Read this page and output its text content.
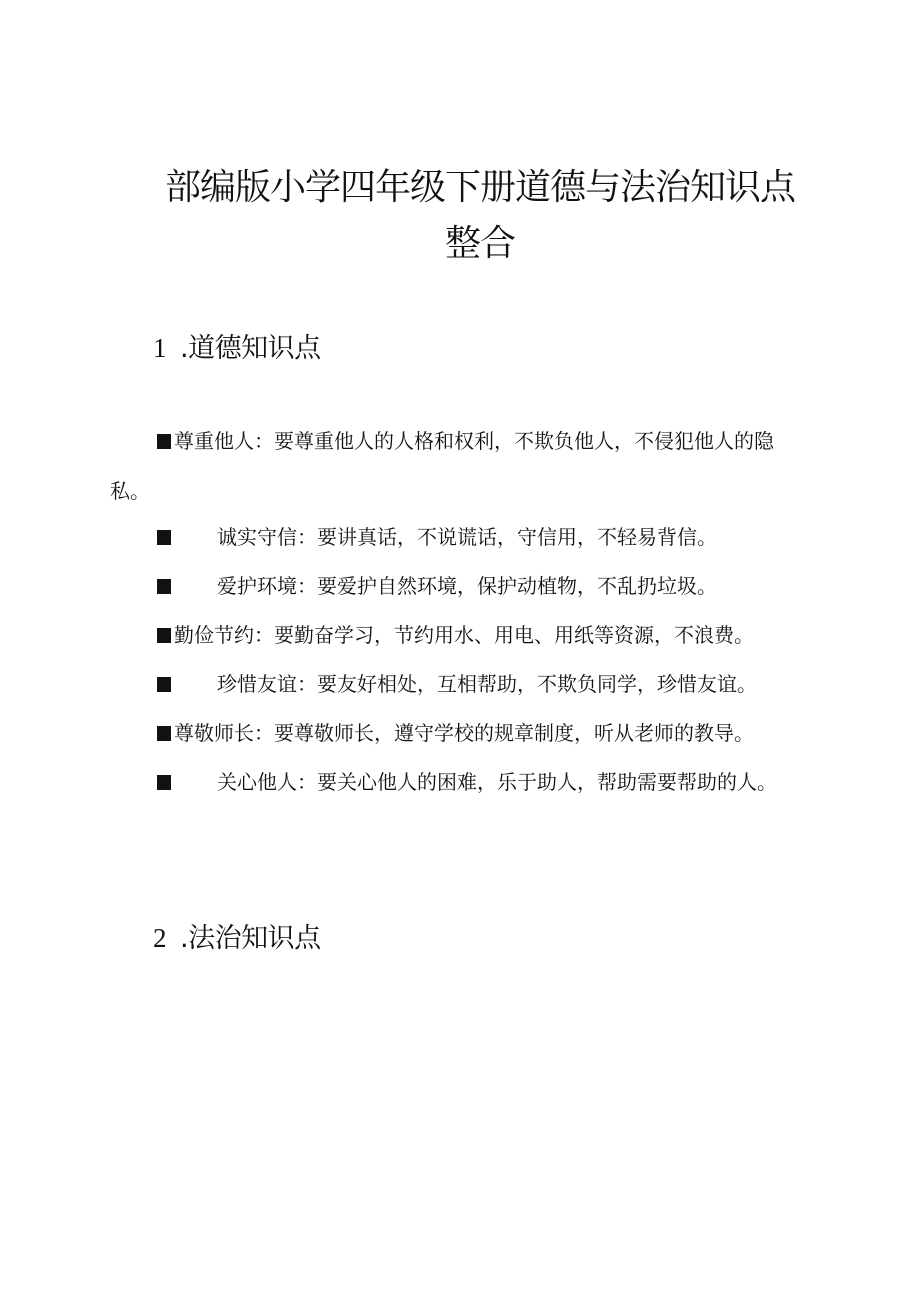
部编版小学四年级下册道德与法治知识点整合
1 .道德知识点

尊重他人：要尊重他人的人格和权利，不欺负他人，不侵犯他人的隐私。

诚实守信：要讲真话，不说谎话，守信用，不轻易背信。

爱护环境：要爱护自然环境，保护动植物，不乱扔垃圾。

勤俭节约：要勤奋学习，节约用水、用电、用纸等资源，不浪费。

珍惜友谊：要友好相处，互相帮助，不欺负同学，珍惜友谊。

尊敬师长：要尊敬师长，遵守学校的规章制度，听从老师的教导。

关心他人：要关心他人的困难，乐于助人，帮助需要帮助的人。

2 .法治知识点
